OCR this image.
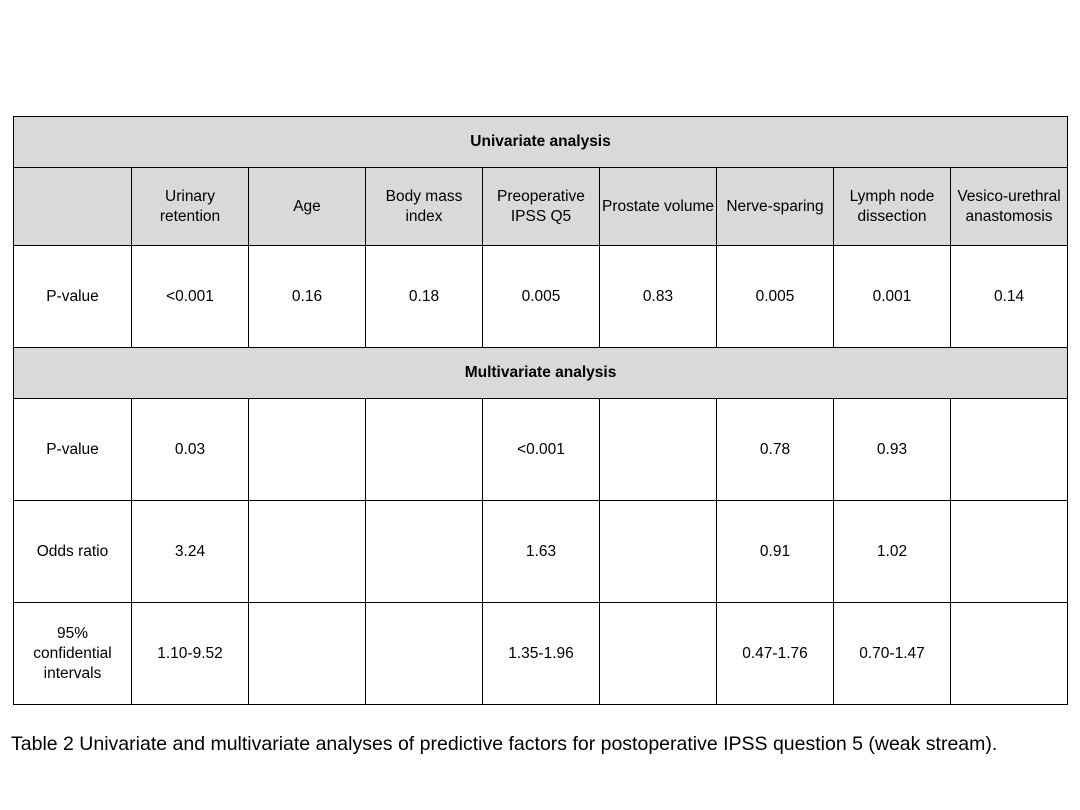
Univariate analysis								
	Urinary retention	Age	Body mass index	Preoperative IPSS Q5	Prostate volume	Nerve-sparing	Lymph node dissection	Vesico-urethral anastomosis
P-value	<0.001	0.16	0.18	0.005	0.83	0.005	0.001	0.14
Multivariate analysis								
P-value	0.03			<0.001		0.78	0.93	
Odds ratio	3.24			1.63		0.91	1.02	
95% confidential intervals	1.10-9.52			1.35-1.96		0.47-1.76	0.70-1.47	
Table 2 Univariate and multivariate analyses of predictive factors for postoperative IPSS question 5 (weak stream).
